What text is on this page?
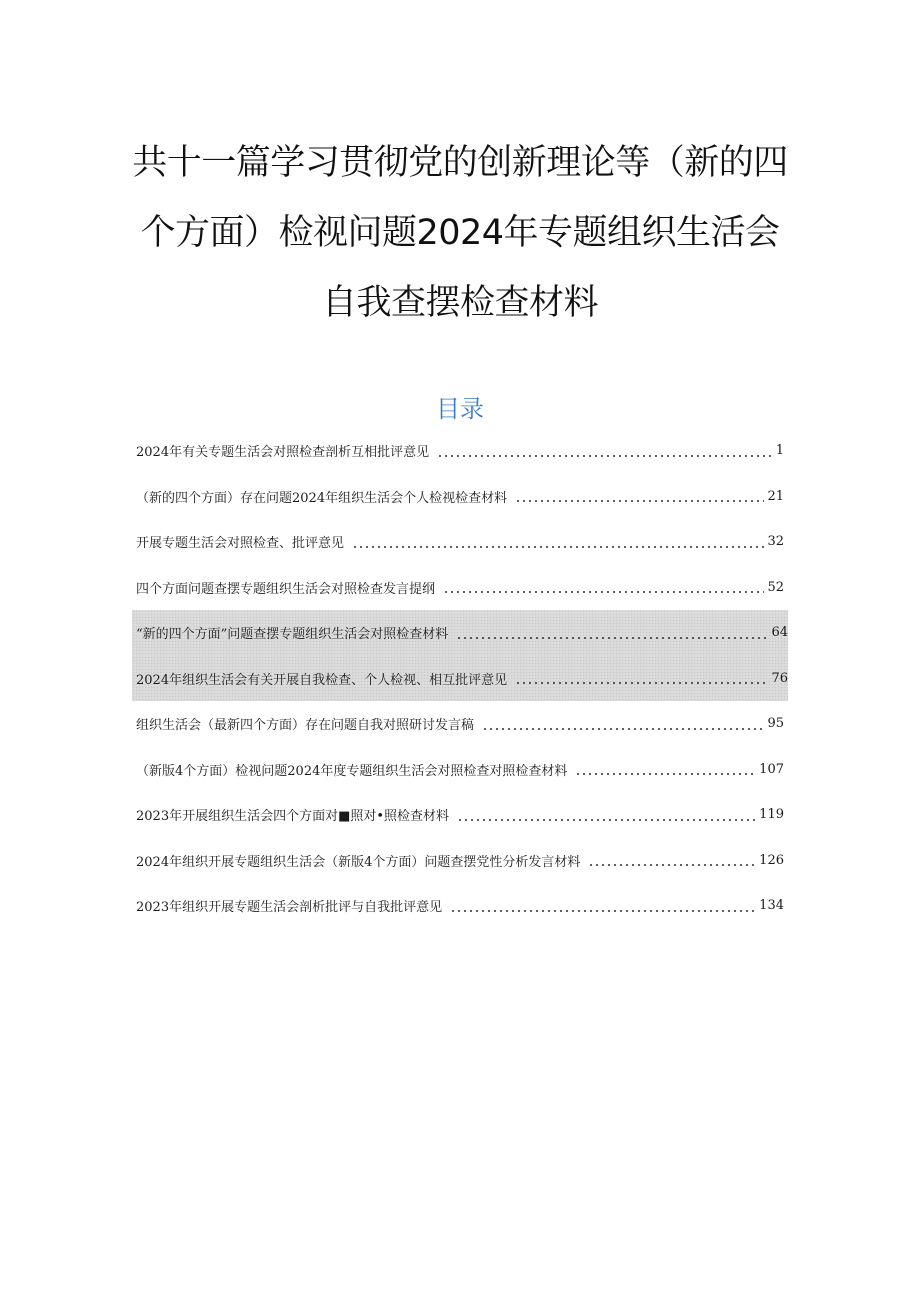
共十一篇学习贯彻党的创新理论等（新的四
个方面）检视问题2024年专题组织生活会
自我查摆检查材料
目录
2024年有关专题生活会对照检查剖析互相批评意见	1
（新的四个方面）存在问题2024年组织生活会个人检视检查材料	21
开展专题生活会对照检查、批评意见	32
四个方面问题查摆专题组织生活会对照检查发言提纲	52
“新的四个方面”问题查摆专题组织生活会对照检查材料	64
2024年组织生活会有关开展自我检查、个人检视、相互批评意见	76
组织生活会（最新四个方面）存在问题自我对照研讨发言稿	95
（新版4个方面）检视问题2024年度专题组织生活会对照检查对照检查材料	107
2023年开展组织生活会四个方面对■照对•照检查材料	119
2024年组织开展专题组织生活会（新版4个方面）问题查摆党性分析发言材料	126
2023年组织开展专题生活会剖析批评与自我批评意见	134
